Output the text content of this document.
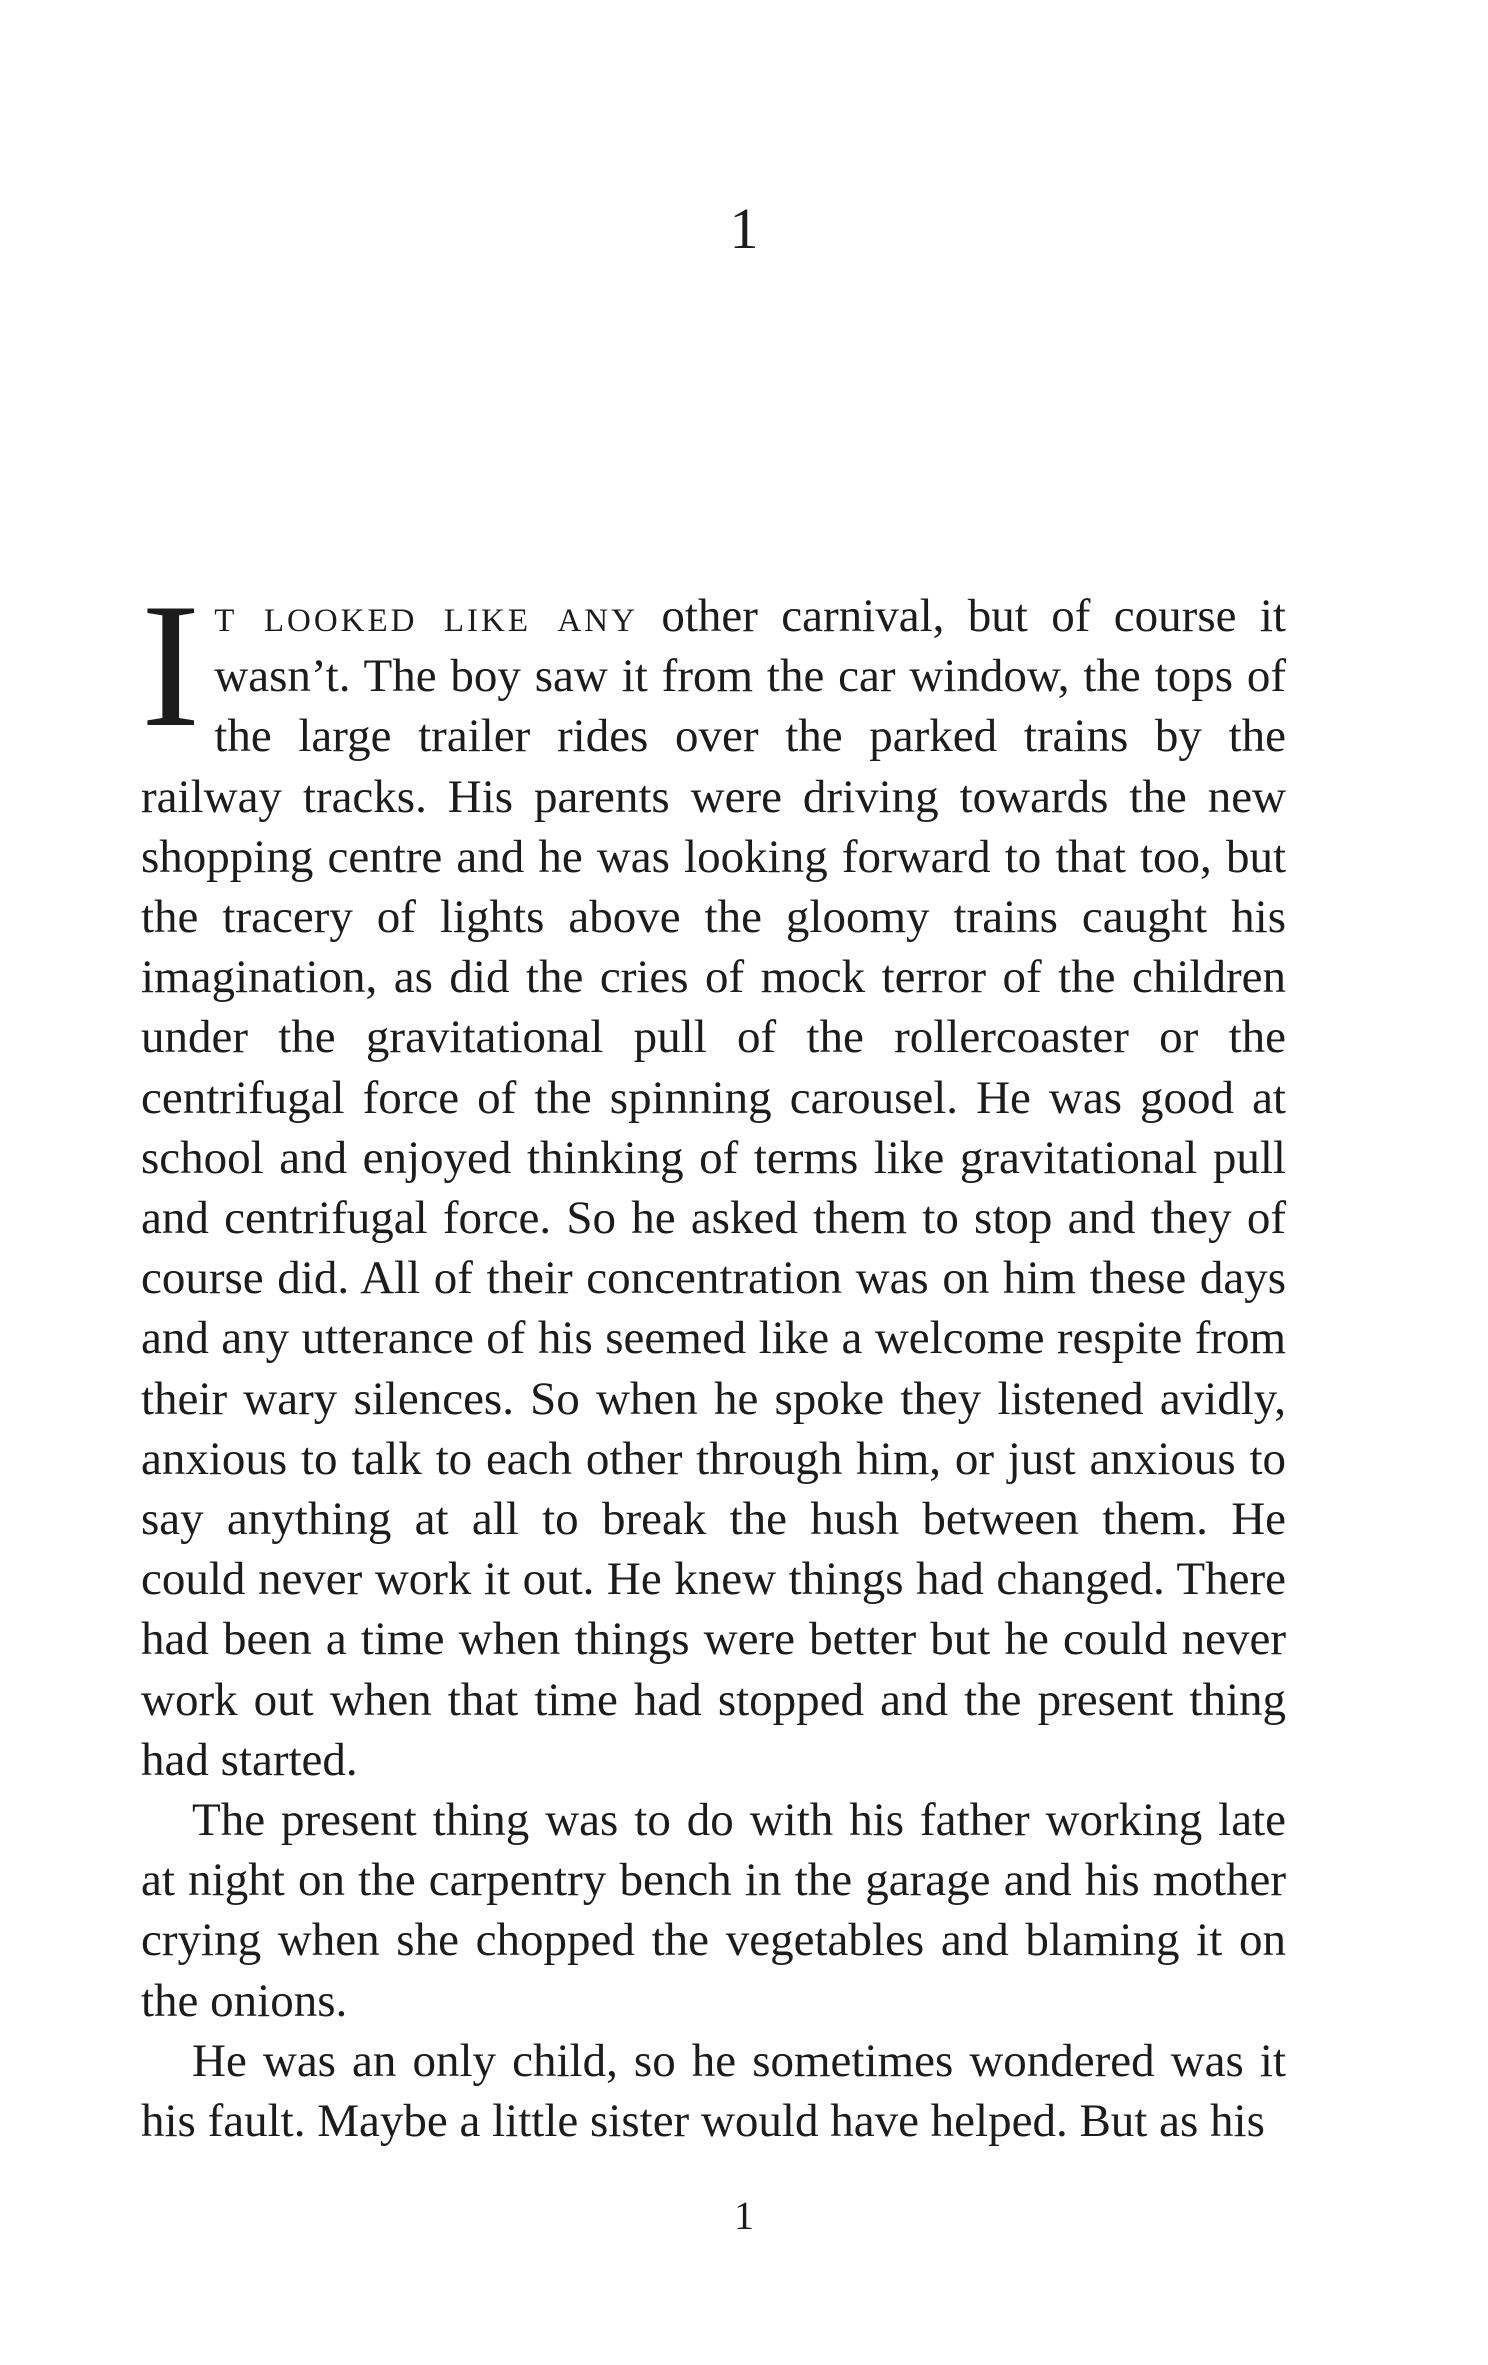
1

It looked like any other carnival, but of course it wasn’t. The boy saw it from the car window, the tops of the large trailer rides over the parked trains by the railway tracks. His parents were driving towards the new shopping centre and he was looking forward to that too, but the tracery of lights above the gloomy trains caught his imagination, as did the cries of mock terror of the children under the gravitational pull of the rollercoaster or the centrifugal force of the spinning carousel. He was good at school and enjoyed thinking of terms like gravitational pull and centrifugal force. So he asked them to stop and they of course did. All of their concentration was on him these days and any utterance of his seemed like a welcome respite from their wary silences. So when he spoke they listened avidly, anxious to talk to each other through him, or just anxious to say anything at all to break the hush between them. He could never work it out. He knew things had changed. There had been a time when things were better but he could never work out when that time had stopped and the present thing had started.

The present thing was to do with his father working late at night on the carpentry bench in the garage and his mother crying when she chopped the vegetables and blaming it on the onions.

He was an only child, so he sometimes wondered was it his fault. Maybe a little sister would have helped. But as his

1
